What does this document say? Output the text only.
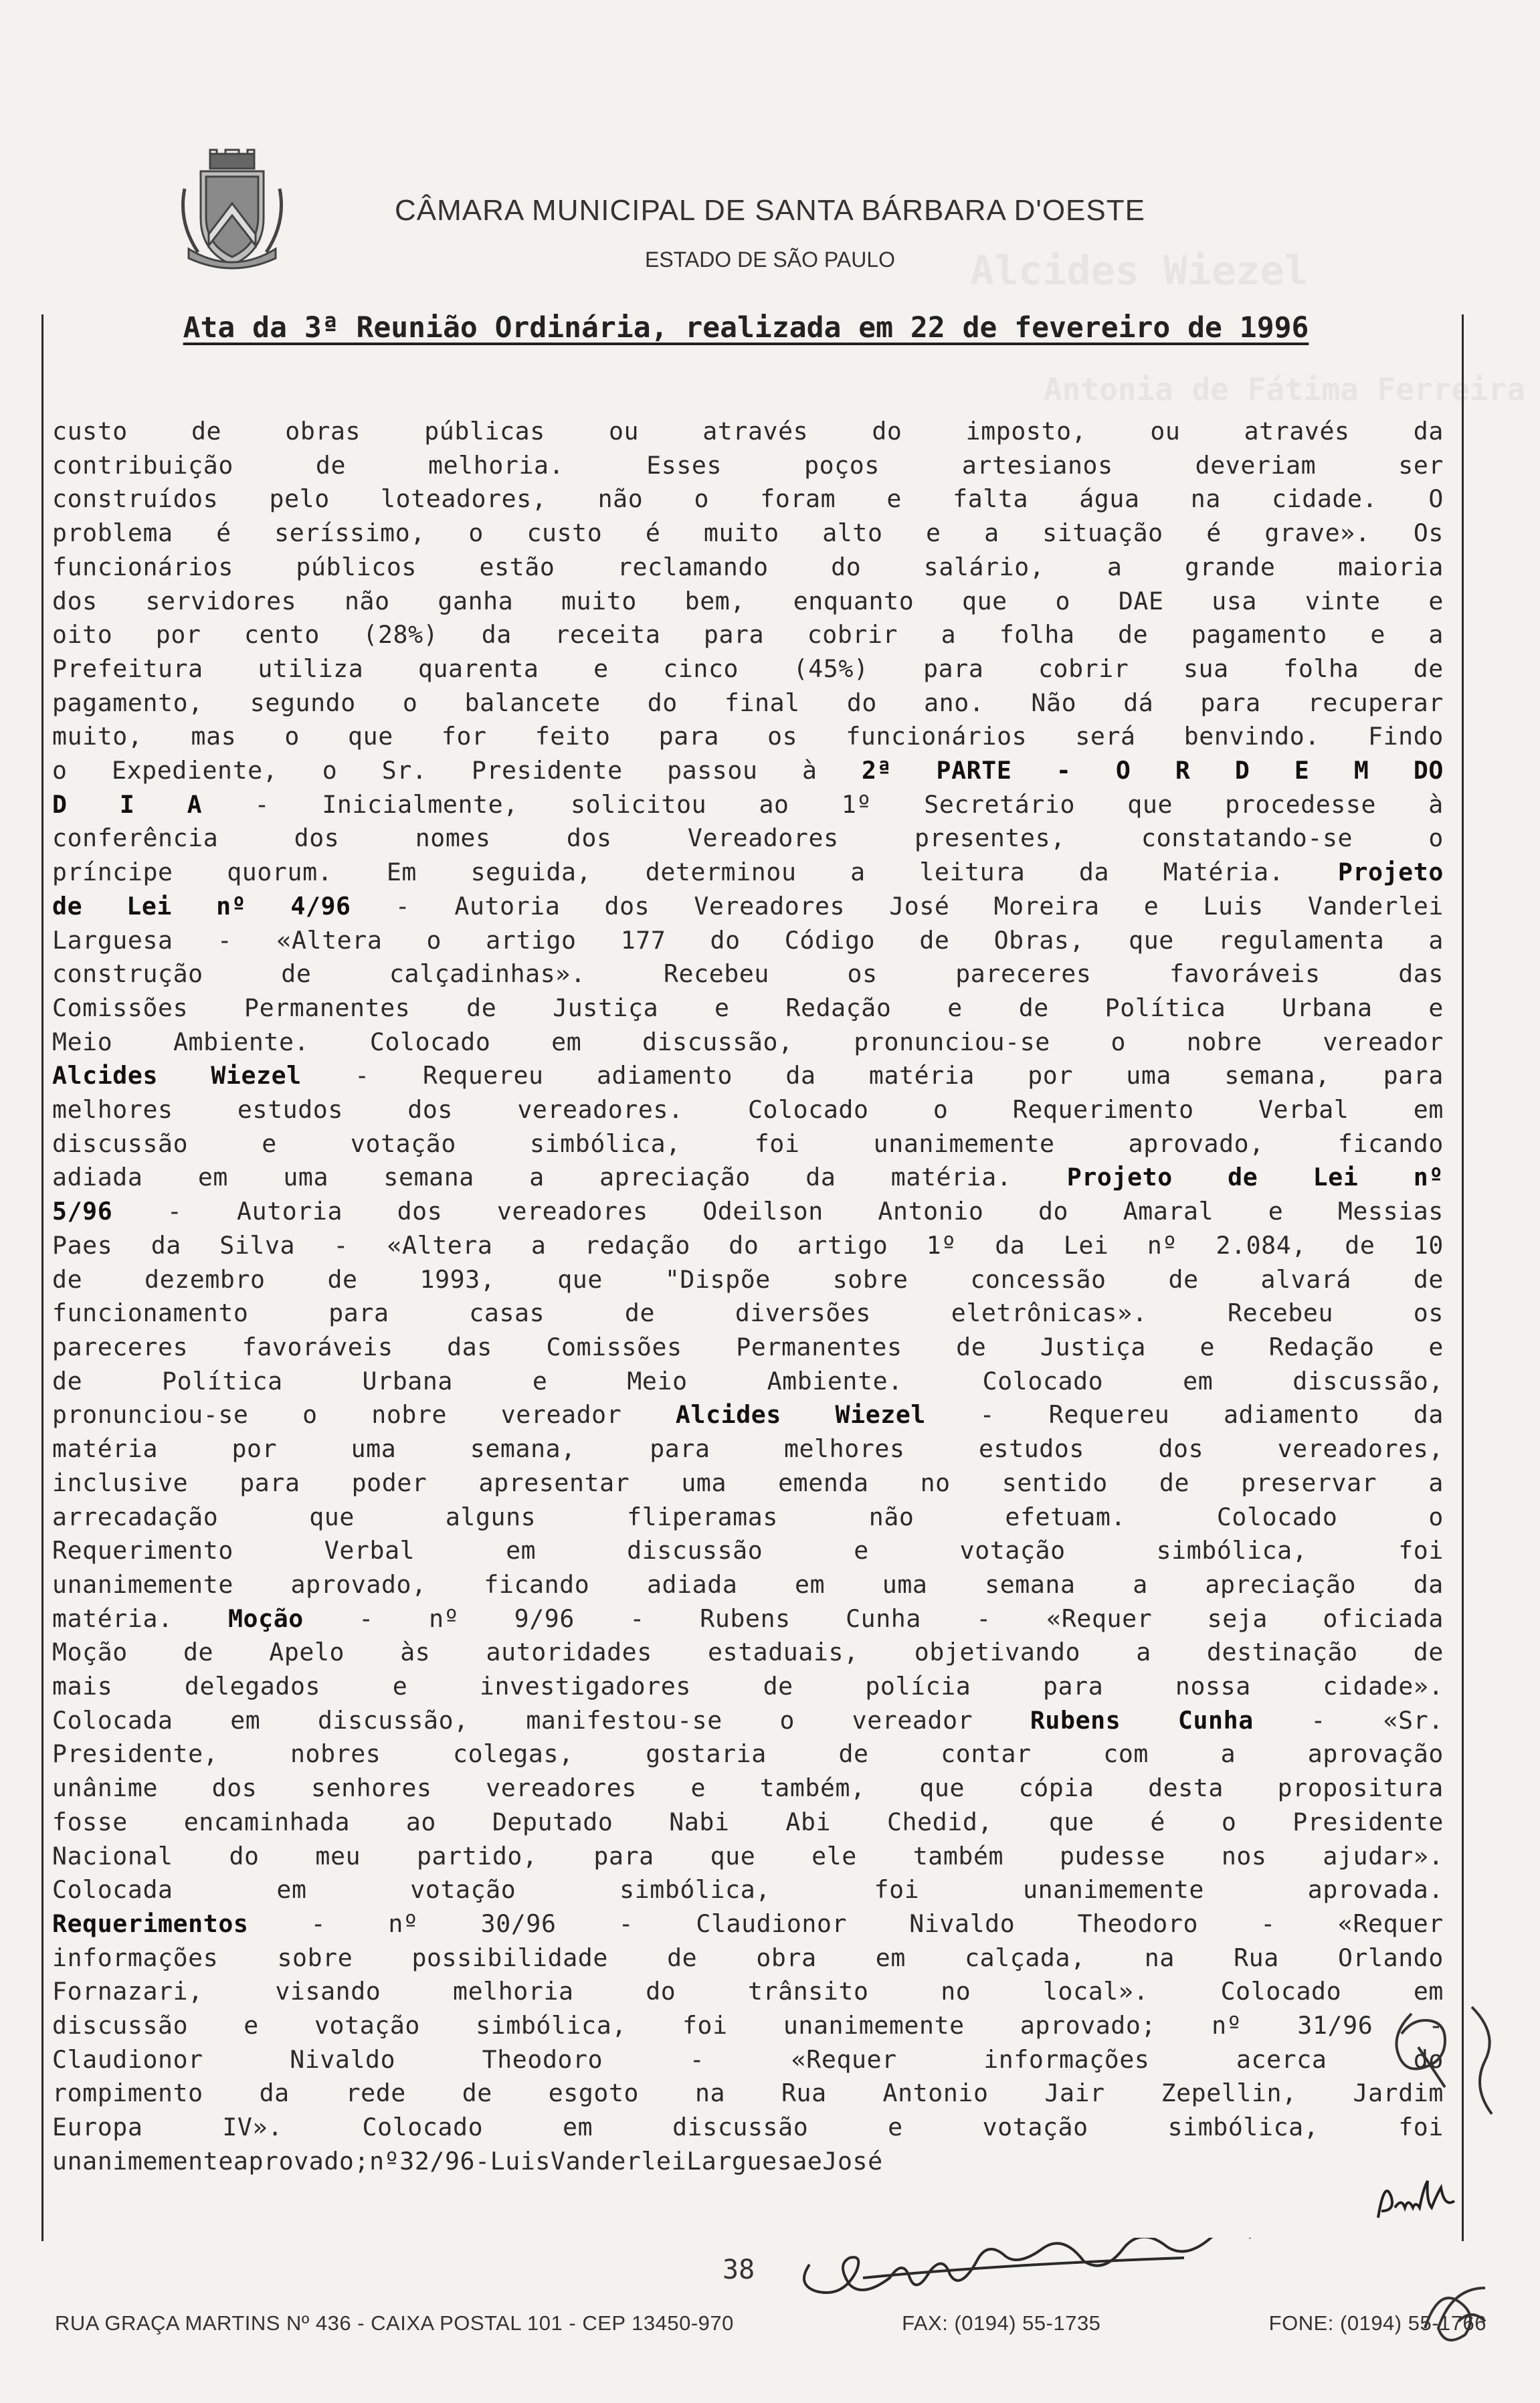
Alcides Wiezel
Antonia de Fátima Ferreira
CÂMARA MUNICIPAL DE SANTA BÁRBARA D'OESTE
ESTADO DE SÃO PAULO
Ata da 3ª Reunião Ordinária, realizada em 22 de fevereiro de 1996
custo	de	obras	públicas	ou	através	do	imposto,	ou	através	da
contribuição	de	melhoria.	Esses	poços	artesianos	deveriam	ser
construídos pelo loteadores, não o foram e falta água na cidade. O
problema é seríssimo, o custo é muito alto e a situação é grave». Os
funcionários	públicos	estão	reclamando	do	salário,	a	grande	maioria
dos servidores não ganha muito bem, enquanto que o DAE usa vinte e
oito por cento (28%) da receita para cobrir a folha de pagamento e a
Prefeitura utiliza quarenta e cinco (45%) para cobrir sua folha de
pagamento, segundo o balancete do final do ano. Não dá para recuperar
muito, mas o que for feito para os funcionários será benvindo. Findo
o Expediente, o Sr. Presidente passou à 2ª PARTE - O R D E M DO
D I A - Inicialmente, solicitou ao 1º Secretário que procedesse à
conferência	dos	nomes	dos	Vereadores	presentes,	constatando-se	o
príncipe quorum. Em seguida, determinou a leitura da Matéria. Projeto
de Lei nº 4/96 - Autoria dos Vereadores José Moreira e Luis Vanderlei
Larguesa - «Altera o artigo 177 do Código de Obras, que regulamenta a
construção	de	calçadinhas».	Recebeu	os	pareceres	favoráveis	das
Comissões Permanentes de Justiça e Redação e de Política Urbana e
Meio Ambiente. Colocado em discussão, pronunciou-se o nobre vereador
Alcides Wiezel - Requereu adiamento da matéria por uma semana, para
melhores	estudos	dos	vereadores.	Colocado	o	Requerimento	Verbal	em
discussão	e	votação	simbólica,	foi	unanimemente	aprovado,	ficando
adiada em uma semana a apreciação da matéria. Projeto de Lei nº
5/96 - Autoria dos vereadores Odeilson Antonio do Amaral e Messias
Paes da Silva - «Altera a redação do artigo 1º da Lei nº 2.084, de 10
de	dezembro	de	1993,	que	"Dispõe	sobre	concessão	de	alvará	de
funcionamento	para	casas	de	diversões	eletrônicas».	Recebeu	os
pareceres favoráveis das Comissões Permanentes de Justiça e Redação e
de	Política	Urbana	e	Meio	Ambiente.	Colocado	em	discussão,
pronunciou-se o nobre vereador Alcides Wiezel - Requereu adiamento da
matéria	por	uma	semana,	para	melhores	estudos	dos	vereadores,
inclusive para poder apresentar uma emenda no sentido de preservar a
arrecadação	que	alguns	fliperamas	não	efetuam.	Colocado	o
Requerimento	Verbal	em	discussão	e	votação	simbólica,	foi
unanimemente aprovado, ficando adiada em uma semana a apreciação da
matéria. Moção - nº 9/96 - Rubens Cunha - «Requer seja oficiada
Moção de Apelo às autoridades estaduais, objetivando a destinação de
mais	delegados	e	investigadores	de	polícia	para	nossa	cidade».
Colocada em discussão, manifestou-se o vereador Rubens Cunha - «Sr.
Presidente,	nobres	colegas,	gostaria	de	contar	com	a	aprovação
unânime dos senhores vereadores e também, que cópia desta propositura
fosse encaminhada ao Deputado Nabi Abi Chedid, que é o Presidente
Nacional do meu partido, para que ele também pudesse nos ajudar».
Colocada	em	votação	simbólica,	foi	unanimemente	aprovada.
Requerimentos	-	nº	30/96	-	Claudionor	Nivaldo	Theodoro	-	«Requer
informações sobre possibilidade de obra em calçada, na Rua Orlando
Fornazari,	visando	melhoria	do	trânsito	no	local».	Colocado	em
discussão e votação simbólica, foi unanimemente aprovado; nº 31/96 -
Claudionor	Nivaldo	Theodoro	-	«Requer	informações	acerca	do
rompimento da rede de esgoto na Rua Antonio Jair Zepellin, Jardim
Europa	IV».	Colocado	em	discussão	e	votação	simbólica,	foi
unanimemente aprovado; nº 32/96 - Luis Vanderlei Larguesa e José
38
RUA GRAÇA MARTINS Nº 436 - CAIXA POSTAL 101 - CEP 13450-970	FAX: (0194) 55-1735	FONE: (0194) 55-1766
